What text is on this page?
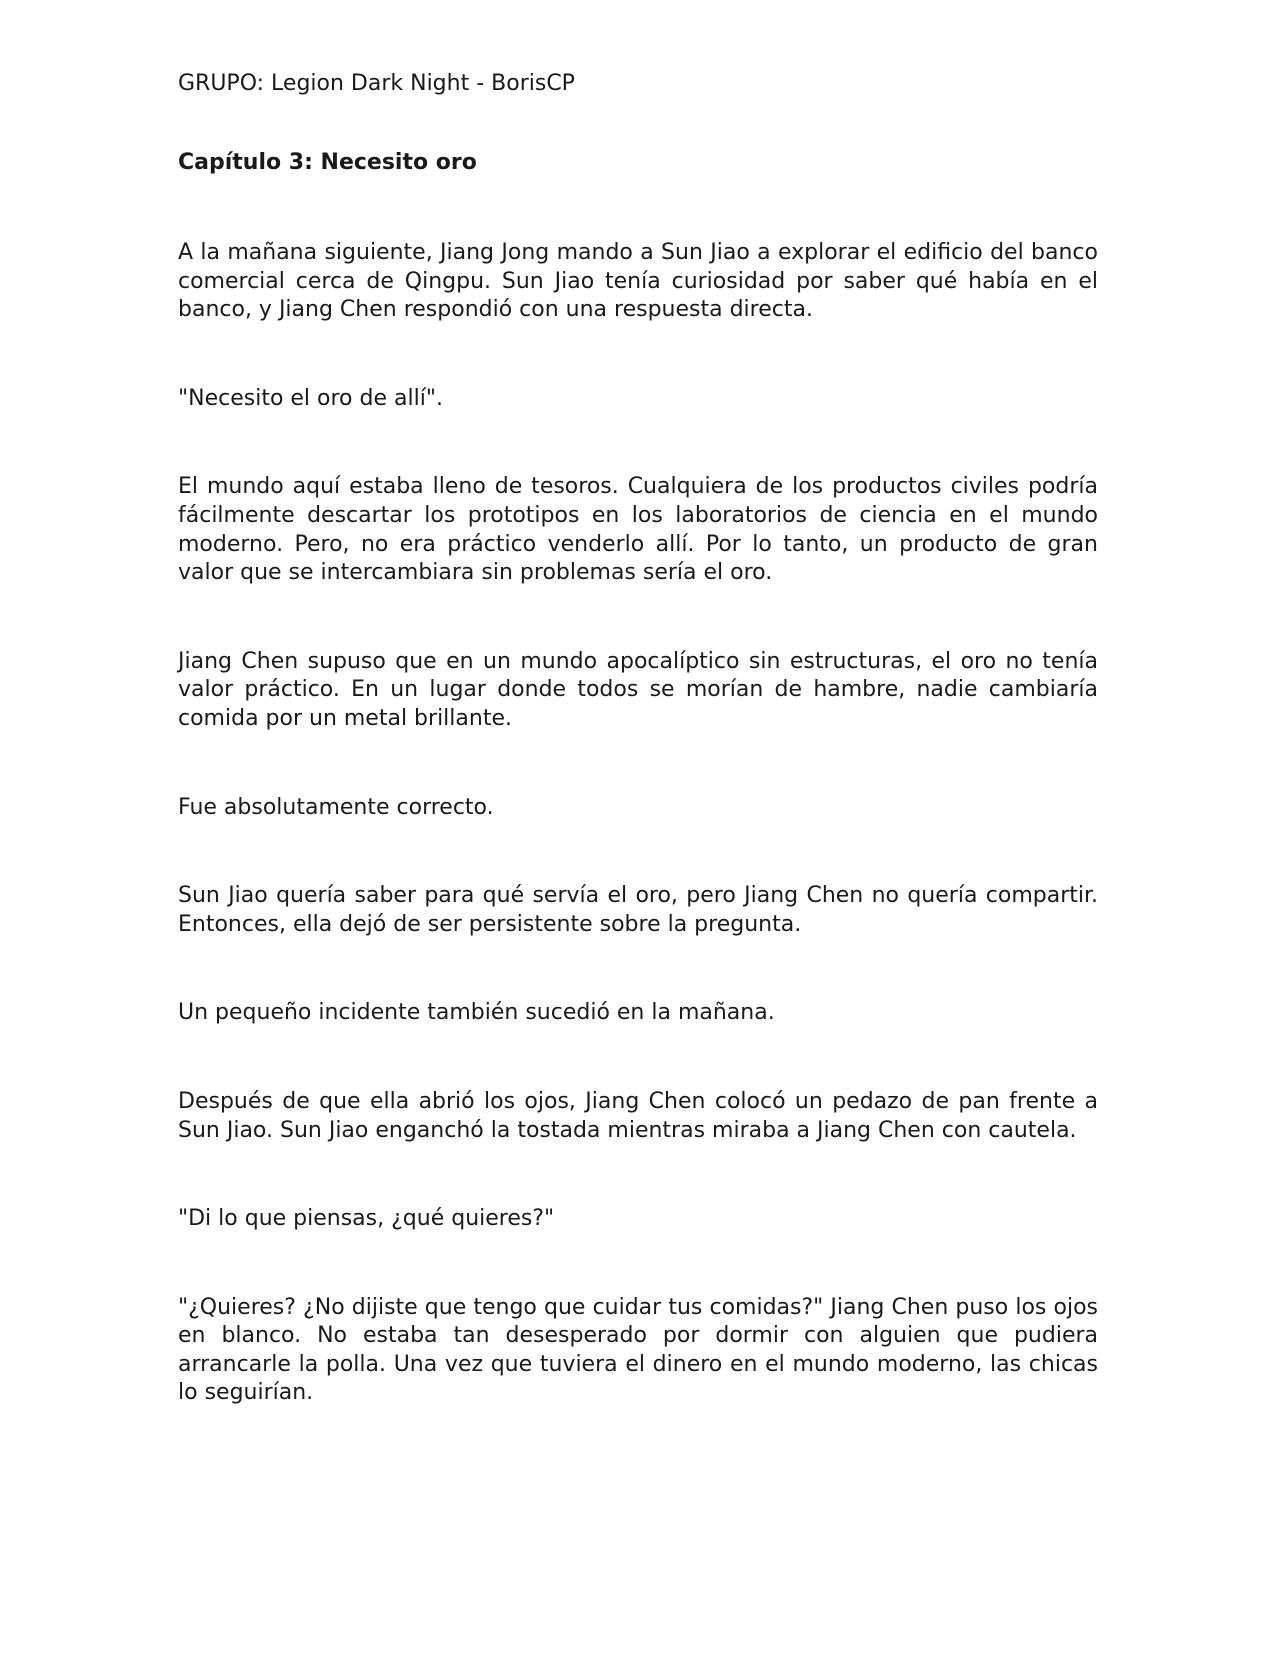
GRUPO: Legion Dark Night - BorisCP

Capítulo 3: Necesito oro

A la mañana siguiente, Jiang Jong mando a Sun Jiao a explorar el edificio del banco comercial cerca de Qingpu. Sun Jiao tenía curiosidad por saber qué había en el banco, y Jiang Chen respondió con una respuesta directa.

"Necesito el oro de allí".

El mundo aquí estaba lleno de tesoros. Cualquiera de los productos civiles podría fácilmente descartar los prototipos en los laboratorios de ciencia en el mundo moderno. Pero, no era práctico venderlo allí. Por lo tanto, un producto de gran valor que se intercambiara sin problemas sería el oro.

Jiang Chen supuso que en un mundo apocalíptico sin estructuras, el oro no tenía valor práctico. En un lugar donde todos se morían de hambre, nadie cambiaría comida por un metal brillante.

Fue absolutamente correcto.

Sun Jiao quería saber para qué servía el oro, pero Jiang Chen no quería compartir. Entonces, ella dejó de ser persistente sobre la pregunta.

Un pequeño incidente también sucedió en la mañana.

Después de que ella abrió los ojos, Jiang Chen colocó un pedazo de pan frente a Sun Jiao. Sun Jiao enganchó la tostada mientras miraba a Jiang Chen con cautela.

"Di lo que piensas, ¿qué quieres?"

"¿Quieres? ¿No dijiste que tengo que cuidar tus comidas?" Jiang Chen puso los ojos en blanco. No estaba tan desesperado por dormir con alguien que pudiera arrancarle la polla. Una vez que tuviera el dinero en el mundo moderno, las chicas lo seguirían.
